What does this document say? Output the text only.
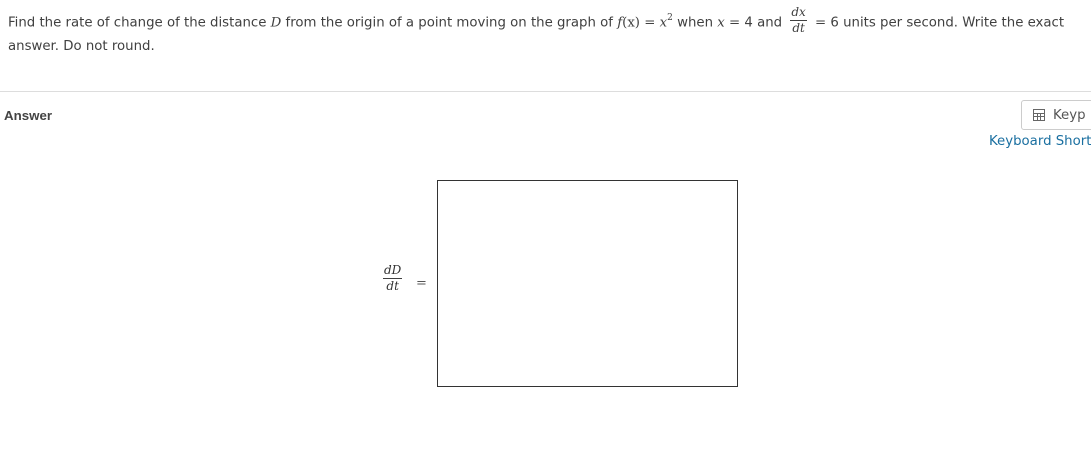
Find the rate of change of the distance D from the origin of a point moving on the graph of $f(x) = x^2$ when x = 4 and $\frac{dx}{dt} = 6$ units per second. Write the exact
answer. Do not round.
Answer	Keyp
Keyboard Short
$\frac{dD}{dt}$ =
